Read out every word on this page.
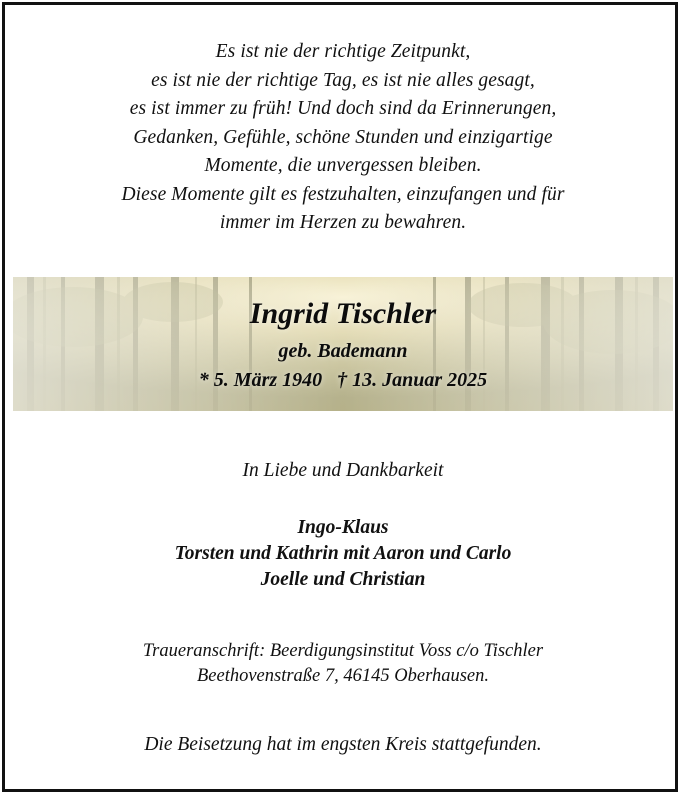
Es ist nie der richtige Zeitpunkt,
es ist nie der richtige Tag, es ist nie alles gesagt,
es ist immer zu früh! Und doch sind da Erinnerungen,
Gedanken, Gefühle, schöne Stunden und einzigartige
Momente, die unvergessen bleiben.
Diese Momente gilt es festzuhalten, einzufangen und für
immer im Herzen zu bewahren.
Ingrid Tischler
geb. Bademann
* 5. März 1940   † 13. Januar 2025
In Liebe und Dankbarkeit
Ingo-Klaus
Torsten und Kathrin mit Aaron und Carlo
Joelle und Christian
Traueranschrift: Beerdigungsinstitut Voss c/o Tischler
Beethovenstraße 7, 46145 Oberhausen.
Die Beisetzung hat im engsten Kreis stattgefunden.
